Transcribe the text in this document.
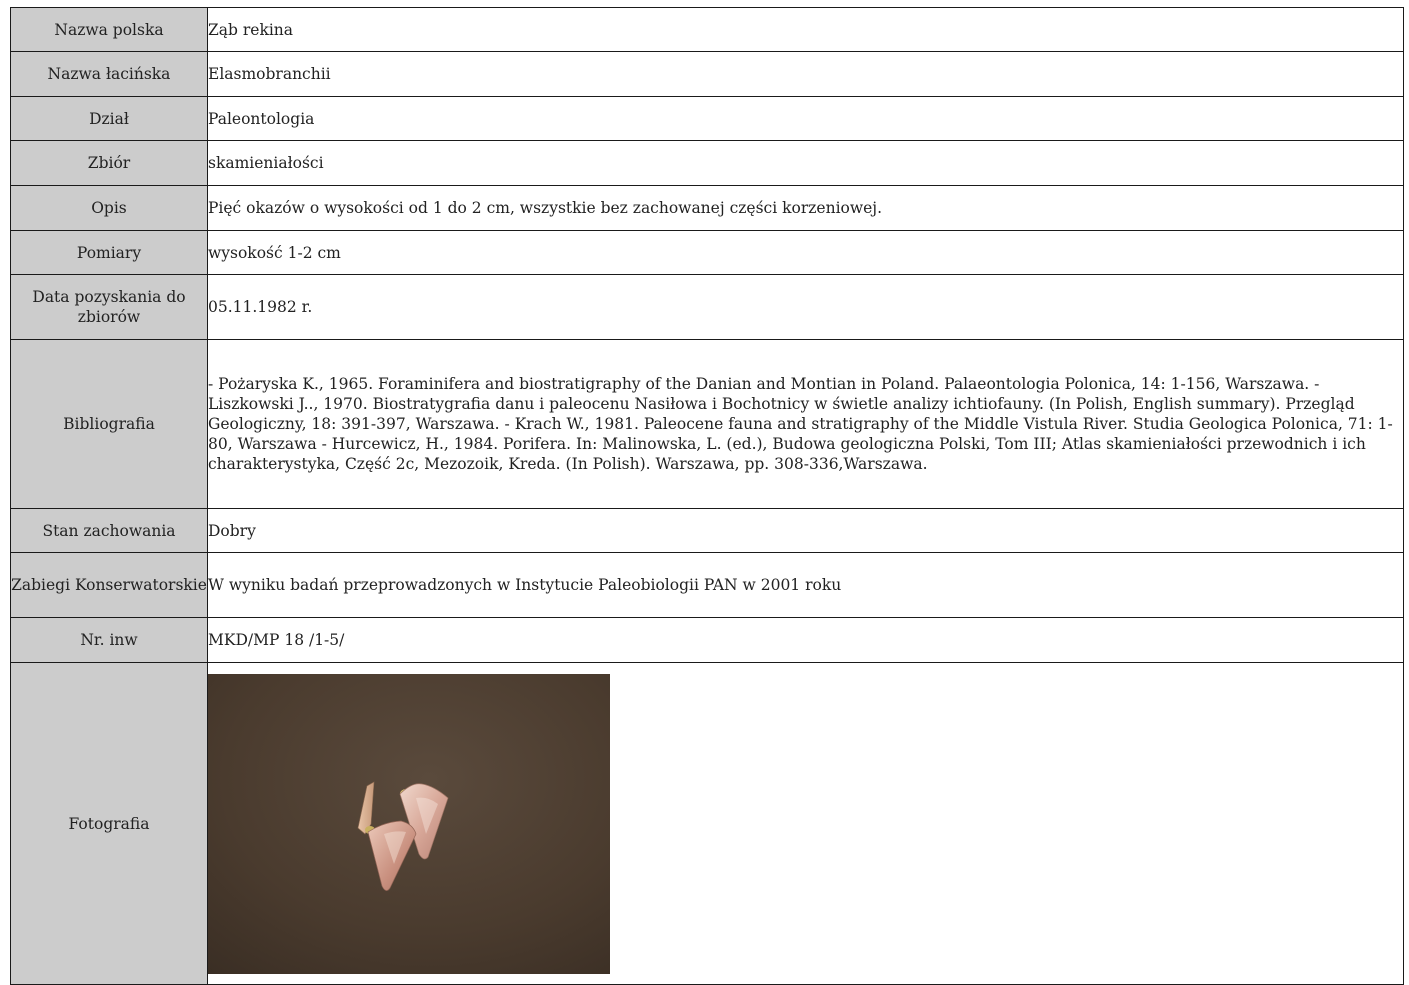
Nazwa polska	Ząb rekina
Nazwa łacińska	Elasmobranchii
Dział	Paleontologia
Zbiór	skamieniałości
Opis	Pięć okazów o wysokości od 1 do 2 cm, wszystkie bez zachowanej części korzeniowej.
Pomiary	wysokość 1-2 cm
Data pozyskania do zbiorów	05.11.1982 r.
Bibliografia	- Pożaryska K., 1965. Foraminifera and biostratigraphy of the Danian and Montian in Poland. Palaeontologia Polonica, 14: 1-156, Warszawa. -Liszkowski J.., 1970. Biostratygrafia danu i paleocenu Nasiłowa i Bochotnicy w świetle analizy ichtiofauny. (In Polish, English summary). Przegląd Geologiczny, 18: 391-397, Warszawa. - Krach W., 1981. Paleocene fauna and stratigraphy of the Middle Vistula River. Studia Geologica Polonica, 71: 1-80, Warszawa - Hurcewicz, H., 1984. Porifera. In: Malinowska, L. (ed.), Budowa geologiczna Polski, Tom III; Atlas skamieniałości przewodnich i ich charakterystyka, Część 2c, Mezozoik, Kreda. (In Polish). Warszawa, pp. 308-336,Warszawa.
Stan zachowania	Dobry
Zabiegi Konserwatorskie	W wyniku badań przeprowadzonych w Instytucie Paleobiologii PAN w 2001 roku
Nr. inw	MKD/MP 18 /1-5/
Fotografia	
